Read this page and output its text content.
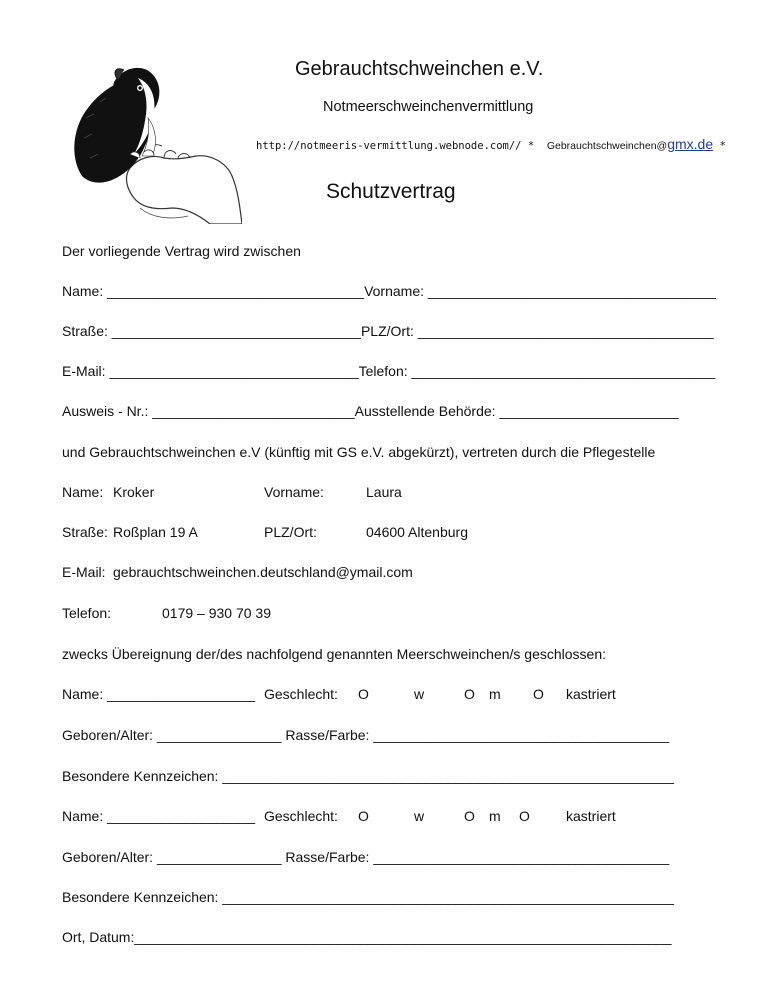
Gebrauchtschweinchen e.V.
Notmeerschweinchenvermittlung
http://notmeeris-vermittlung.webnode.com// *  Gebrauchtschweinchen@gmx.de *
Schutzvertrag
Der vorliegende Vertrag wird zwischen
Name: _________________________________Vorname: _____________________________________
Straße: ________________________________PLZ/Ort: ______________________________________
E-Mail: ________________________________Telefon: _______________________________________
Ausweis - Nr.: __________________________Ausstellende Behörde: _______________________
und Gebrauchtschweinchen e.V (künftig mit GS e.V. abgekürzt), vertreten durch die Pflegestelle
Name: Kroker	Vorname:	Laura
Straße: Roßplan 19 A	PLZ/Ort:	04600 Altenburg
E-Mail: gebrauchtschweinchen.deutschland@ymail.com
Telefon:	0179 – 930 70 39
zwecks Übereignung der/des nachfolgend genannten Meerschweinchen/s geschlossen:
Name: ___________________ Geschlecht: O	w	O m O kastriert
Geboren/Alter: ________________ Rasse/Farbe: ______________________________________
Besondere Kennzeichen: __________________________________________________________
Name: ___________________ Geschlecht: O	w	O m O	kastriert
Geboren/Alter: ________________ Rasse/Farbe: ______________________________________
Besondere Kennzeichen: __________________________________________________________
Ort, Datum:_____________________________________________________________________
